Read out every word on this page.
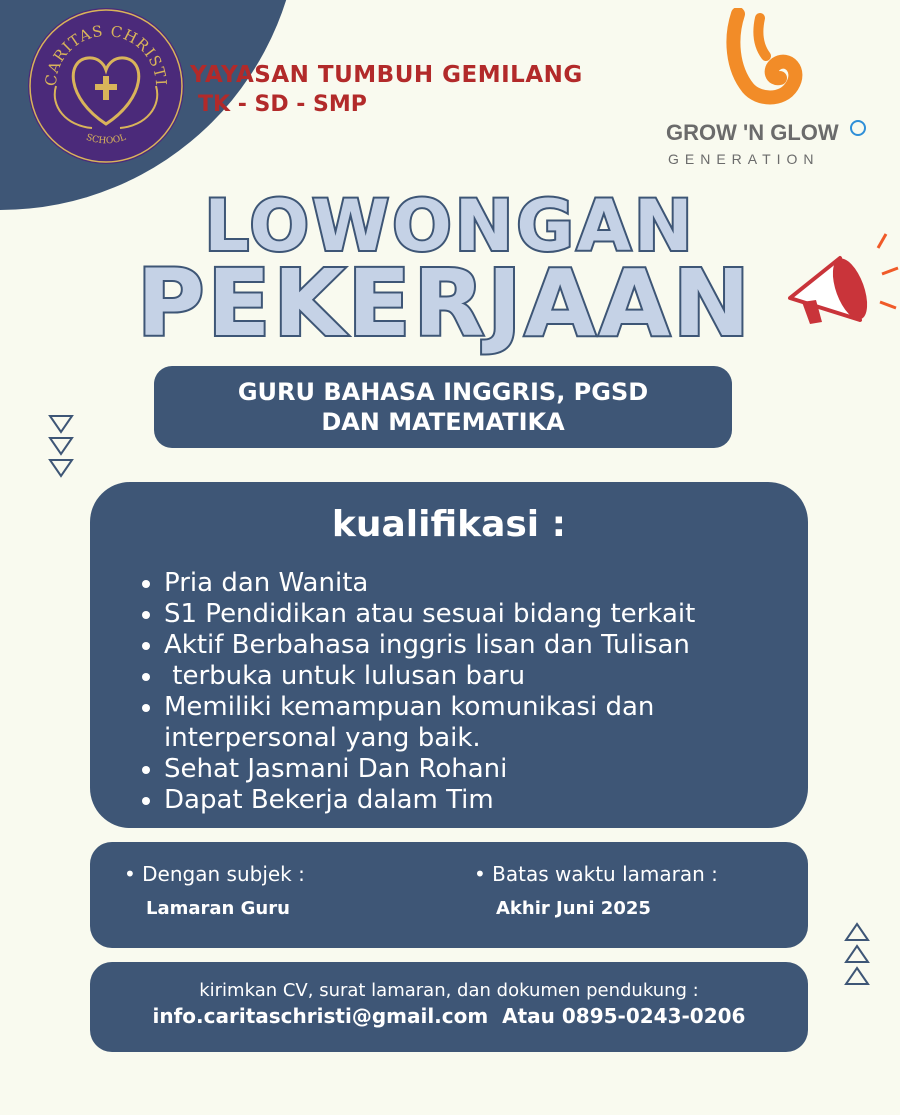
CARITAS CHRISTI
SCHOOL
YAYASAN TUMBUH GEMILANG
TK - SD - SMP
GROW 'N GLOW
GENERATION
LOWONGAN
PEKERJAAN
GURU BAHASA INGGRIS, PGSD
DAN MATEMATIKA
kualifikasi :
• Pria dan Wanita
• S1 Pendidikan atau sesuai bidang terkait
• Aktif Berbahasa inggris lisan dan Tulisan
•  terbuka untuk lulusan baru
• Memiliki kemampuan komunikasi dan interpersonal yang baik.
• Sehat Jasmani Dan Rohani
• Dapat Bekerja dalam Tim
• Dengan subjek :
Lamaran Guru
• Batas waktu lamaran :
Akhir Juni 2025
kirimkan CV, surat lamaran, dan dokumen pendukung :
info.caritaschristi@gmail.com  Atau 0895-0243-0206
